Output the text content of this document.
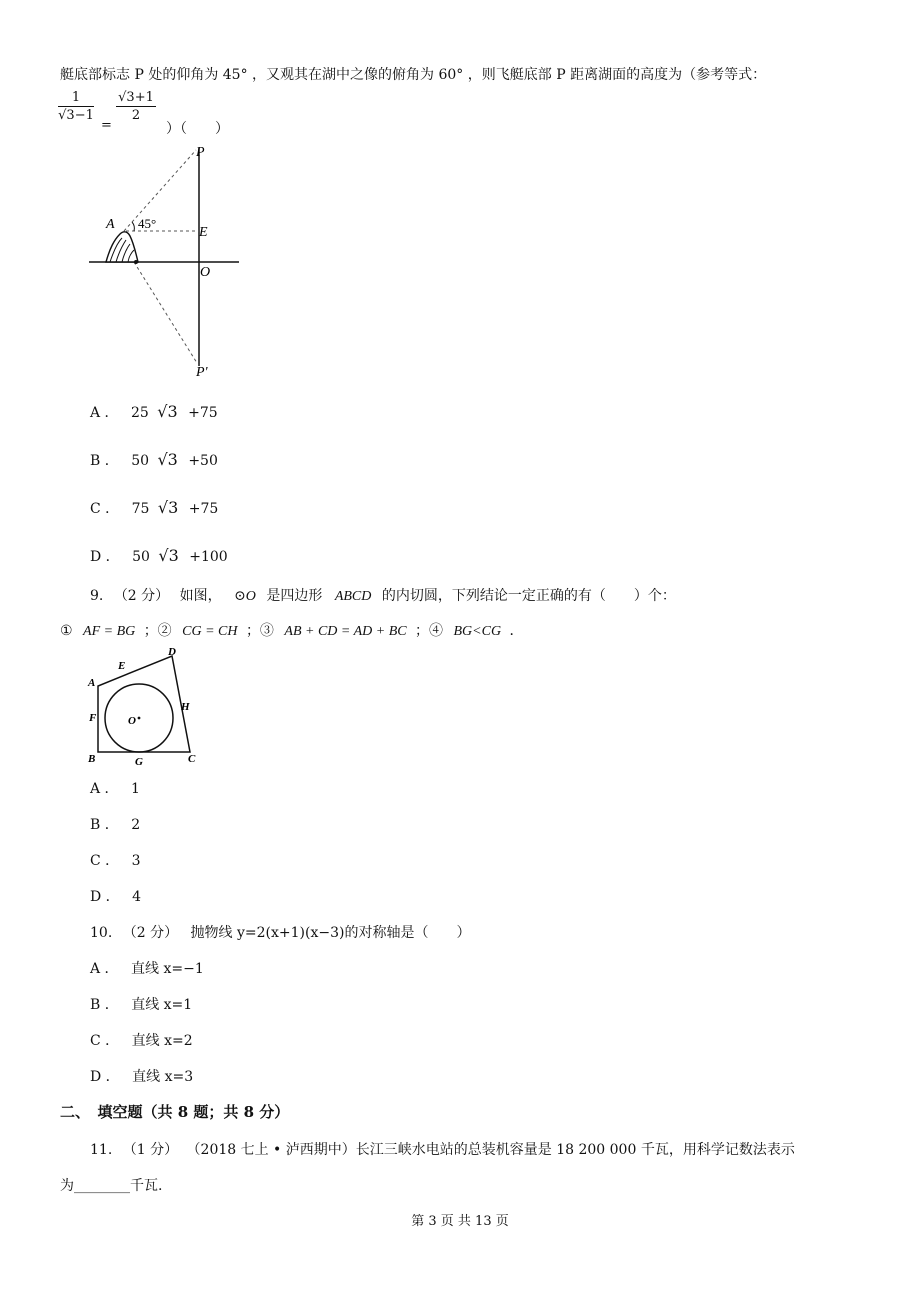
艇底部标志 P 处的仰角为 45° ，又观其在湖中之像的俯角为 60° ，则飞艇底部 P 距离湖面的高度为（参考等式：
1
√3−1
=
√3+1
2
）（　　）
P
A 45°
E
O
P'
A ． 25 √3 +75
B ． 50 √3 +50
C ． 75 √3 +75
D ． 50 √3 +100
9. （2 分） 如图， ⊙O 是四边形 ABCD 的内切圆，下列结论一定正确的有（　　）个：
① AF = BG ；② CG = CH ；③ AB + CD = AD + BC ；④ BG<CG ．
A
B	C
D
E
F
G
H
O
A ． 1
B ． 2
C ． 3
D ． 4
10. （2 分） 抛物线 y=2(x+1)(x−3)的对称轴是（　　）
A ． 直线 x=−1
B ． 直线 x=1
C ． 直线 x=2
D ． 直线 x=3
二、　填空题（共 8 题；共 8 分）
11. （1 分） （2018 七上 • 泸西期中）长江三峡水电站的总装机容量是 18 200 000 千瓦，用科学记数法表示
为________千瓦.
第 3 页 共 13 页
